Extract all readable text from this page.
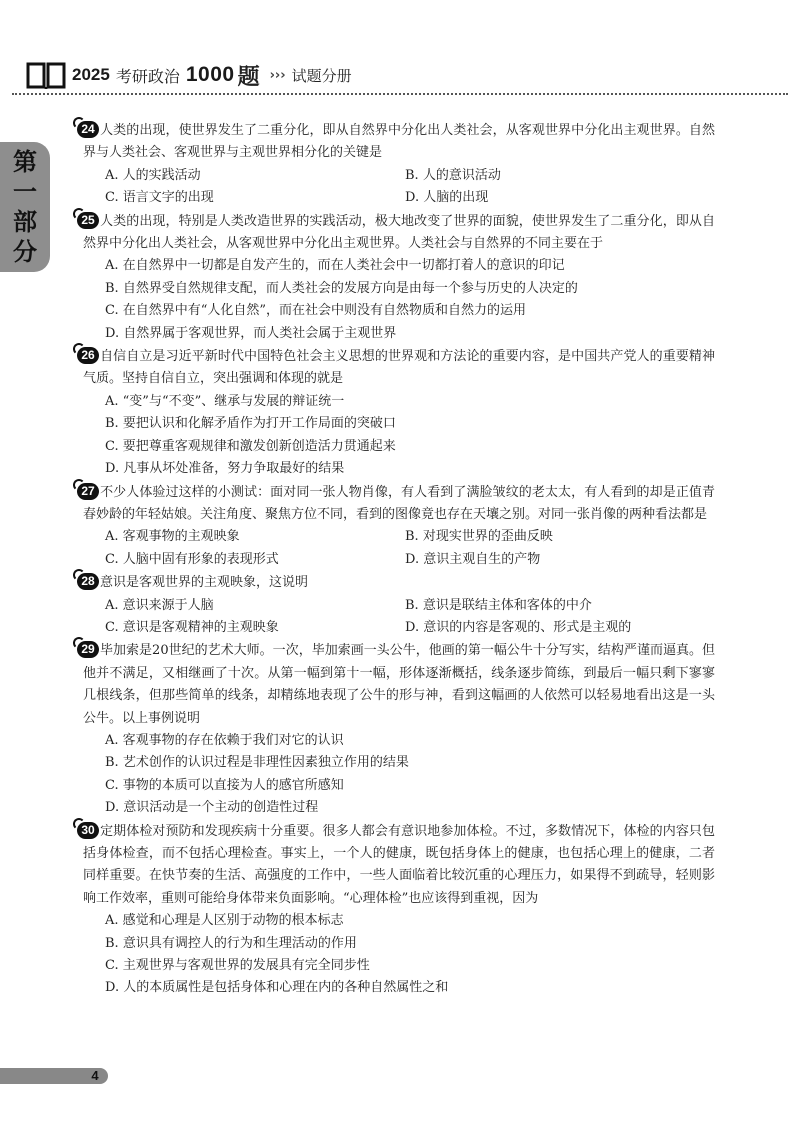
2025 考研政治 1000 题 ››› 试题分册
第
一
部
分
24 人类的出现，使世界发生了二重分化，即从自然界中分化出人类社会，从客观世界中分化出主观世界。自然界与人类社会、客观世界与主观世界相分化的关键是
A. 人的实践活动	B. 人的意识活动
C. 语言文字的出现	D. 人脑的出现
25 人类的出现，特别是人类改造世界的实践活动，极大地改变了世界的面貌，使世界发生了二重分化，即从自然界中分化出人类社会，从客观世界中分化出主观世界。人类社会与自然界的不同主要在于
A. 在自然界中一切都是自发产生的，而在人类社会中一切都打着人的意识的印记
B. 自然界受自然规律支配，而人类社会的发展方向是由每一个参与历史的人决定的
C. 在自然界中有“人化自然”，而在社会中则没有自然物质和自然力的运用
D. 自然界属于客观世界，而人类社会属于主观世界
26 自信自立是习近平新时代中国特色社会主义思想的世界观和方法论的重要内容，是中国共产党人的重要精神气质。坚持自信自立，突出强调和体现的就是
A. “变”与“不变”、继承与发展的辩证统一
B. 要把认识和化解矛盾作为打开工作局面的突破口
C. 要把尊重客观规律和激发创新创造活力贯通起来
D. 凡事从坏处准备，努力争取最好的结果
27 不少人体验过这样的小测试：面对同一张人物肖像，有人看到了满脸皱纹的老太太，有人看到的却是正值青春妙龄的年轻姑娘。关注角度、聚焦方位不同，看到的图像竟也存在天壤之别。对同一张肖像的两种看法都是
A. 客观事物的主观映象	B. 对现实世界的歪曲反映
C. 人脑中固有形象的表现形式	D. 意识主观自生的产物
28 意识是客观世界的主观映象，这说明
A. 意识来源于人脑	B. 意识是联结主体和客体的中介
C. 意识是客观精神的主观映象	D. 意识的内容是客观的、形式是主观的
29 毕加索是20世纪的艺术大师。一次，毕加索画一头公牛，他画的第一幅公牛十分写实，结构严谨而逼真。但他并不满足，又相继画了十次。从第一幅到第十一幅，形体逐渐概括，线条逐步简练，到最后一幅只剩下寥寥几根线条，但那些简单的线条，却精练地表现了公牛的形与神，看到这幅画的人依然可以轻易地看出这是一头公牛。以上事例说明
A. 客观事物的存在依赖于我们对它的认识
B. 艺术创作的认识过程是非理性因素独立作用的结果
C. 事物的本质可以直接为人的感官所感知
D. 意识活动是一个主动的创造性过程
30 定期体检对预防和发现疾病十分重要。很多人都会有意识地参加体检。不过，多数情况下，体检的内容只包括身体检查，而不包括心理检查。事实上，一个人的健康，既包括身体上的健康，也包括心理上的健康，二者同样重要。在快节奏的生活、高强度的工作中，一些人面临着比较沉重的心理压力，如果得不到疏导，轻则影响工作效率，重则可能给身体带来负面影响。“心理体检”也应该得到重视，因为
A. 感觉和心理是人区别于动物的根本标志
B. 意识具有调控人的行为和生理活动的作用
C. 主观世界与客观世界的发展具有完全同步性
D. 人的本质属性是包括身体和心理在内的各种自然属性之和
4
